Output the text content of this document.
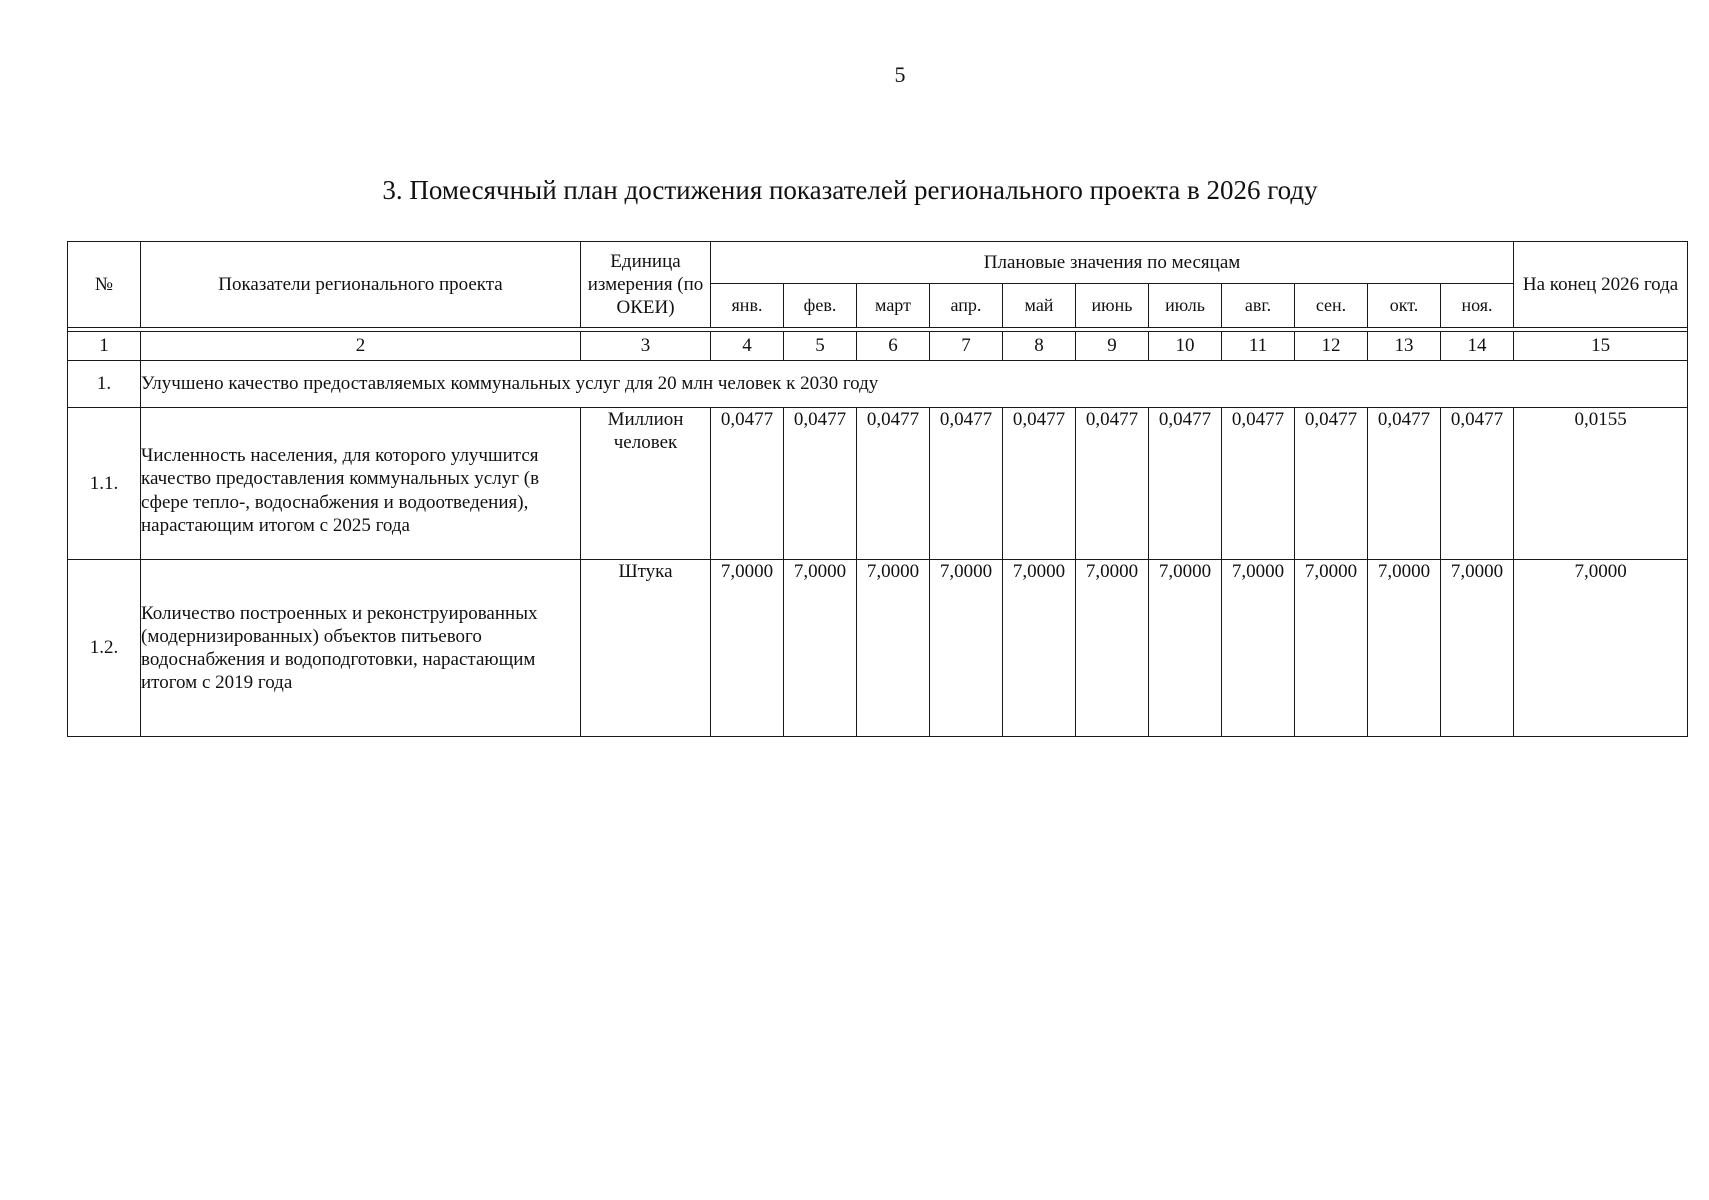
5
3. Помесячный план достижения показателей регионального проекта в 2026 году
№	Показатели регионального проекта	Единица измерения (по ОКЕИ)	Плановые значения по месяцам											На конец 2026 года
			янв.	фев.	март	апр.	май	июнь	июль	авг.	сен.	окт.	ноя.	

1	2	3	4	5	6	7	8	9	10	11	12	13	14	15
1.	Улучшено качество предоставляемых коммунальных услуг для 20 млн человек к 2030 году													
1.1.	Численность населения, для которого улучшится качество предоставления коммунальных услуг (в сфере тепло-, водоснабжения и водоотведения), нарастающим итогом с 2025 года	Миллион человек	0,0477	0,0477	0,0477	0,0477	0,0477	0,0477	0,0477	0,0477	0,0477	0,0477	0,0477	0,0155
1.2.	Количество построенных и реконструированных (модернизированных) объектов питьевого водоснабжения и водоподготовки, нарастающим итогом с 2019 года	Штука	7,0000	7,0000	7,0000	7,0000	7,0000	7,0000	7,0000	7,0000	7,0000	7,0000	7,0000	7,0000
